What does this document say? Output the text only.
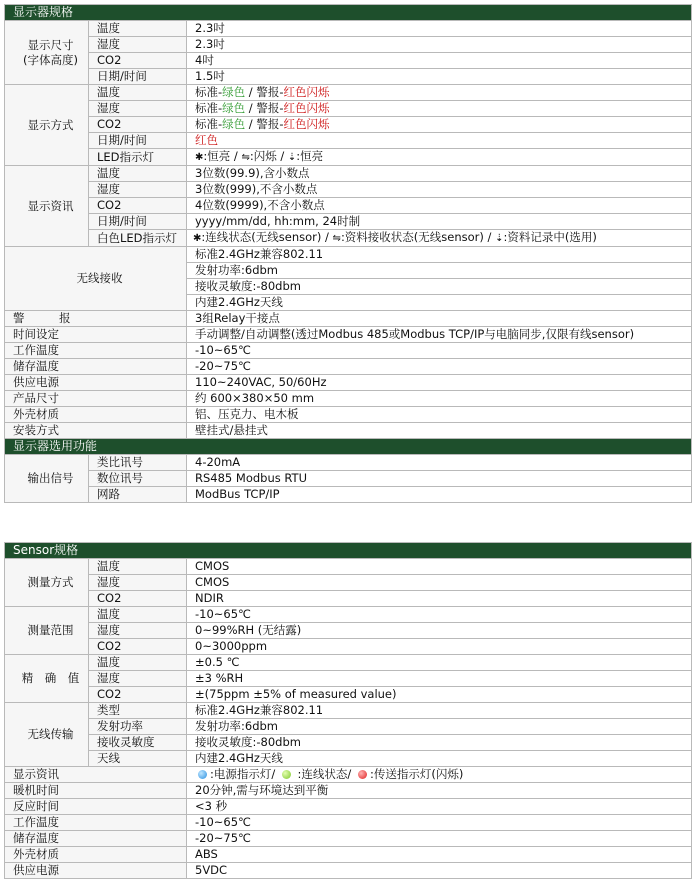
显示器规格		
显示尺寸
(字体高度)	温度	2.3吋
	湿度	2.3吋
	CO2	4吋
	日期/时间	1.5吋
显示方式	温度	标准-绿色 / 警报-红色闪烁
	湿度	标准-绿色 / 警报-红色闪烁
	CO2	标准-绿色 / 警报-红色闪烁
	日期/时间	红色
	LED指示灯	✱:恒亮 / ⇋:闪烁 / ⇣:恒亮
显示资讯	温度	3位数(99.9),含小数点
	湿度	3位数(999),不含小数点
	CO2	4位数(9999),不含小数点
	日期/时间	yyyy/mm/dd, hh:mm, 24时制
	白色LED指示灯	✱:连线状态(无线sensor) / ⇋:资料接收状态(无线sensor) / ⇣:资料记录中(选用)
无线接收		标准2.4GHz兼容802.11
		发射功率:6dbm
		接收灵敏度:-80dbm
		内建2.4GHz天线
警　　　报		3组Relay干接点
时间设定		手动调整/自动调整(透过Modbus 485或Modbus TCP/IP与电脑同步,仅限有线sensor)
工作温度		-10~65℃
储存温度		-20~75℃
供应电源		110~240VAC, 50/60Hz
产品尺寸		约 600×380×50 mm
外壳材质		铝、压克力、电木板
安装方式		壁挂式/悬挂式
显示器选用功能		
输出信号	类比讯号	4-20mA
	数位讯号	RS485 Modbus RTU
	网路	ModBus TCP/IP
Sensor规格		
测量方式	温度	CMOS
	湿度	CMOS
	CO2	NDIR
测量范围	温度	-10~65℃
	湿度	0~99%RH (无结露)
	CO2	0~3000ppm
精　确　值	温度	±0.5 ℃
	湿度	±3 %RH
	CO2	±(75ppm ±5% of measured value)
无线传输	类型	标准2.4GHz兼容802.11
	发射功率	发射功率:6dbm
	接收灵敏度	接收灵敏度:-80dbm
	天线	内建2.4GHz天线
显示资讯		:电源指示灯/  :连线状态/ :传送指示灯(闪烁)
暖机时间		20分钟,需与环境达到平衡
反应时间		<3 秒
工作温度		-10~65℃
储存温度		-20~75℃
外壳材质		ABS
供应电源		5VDC
